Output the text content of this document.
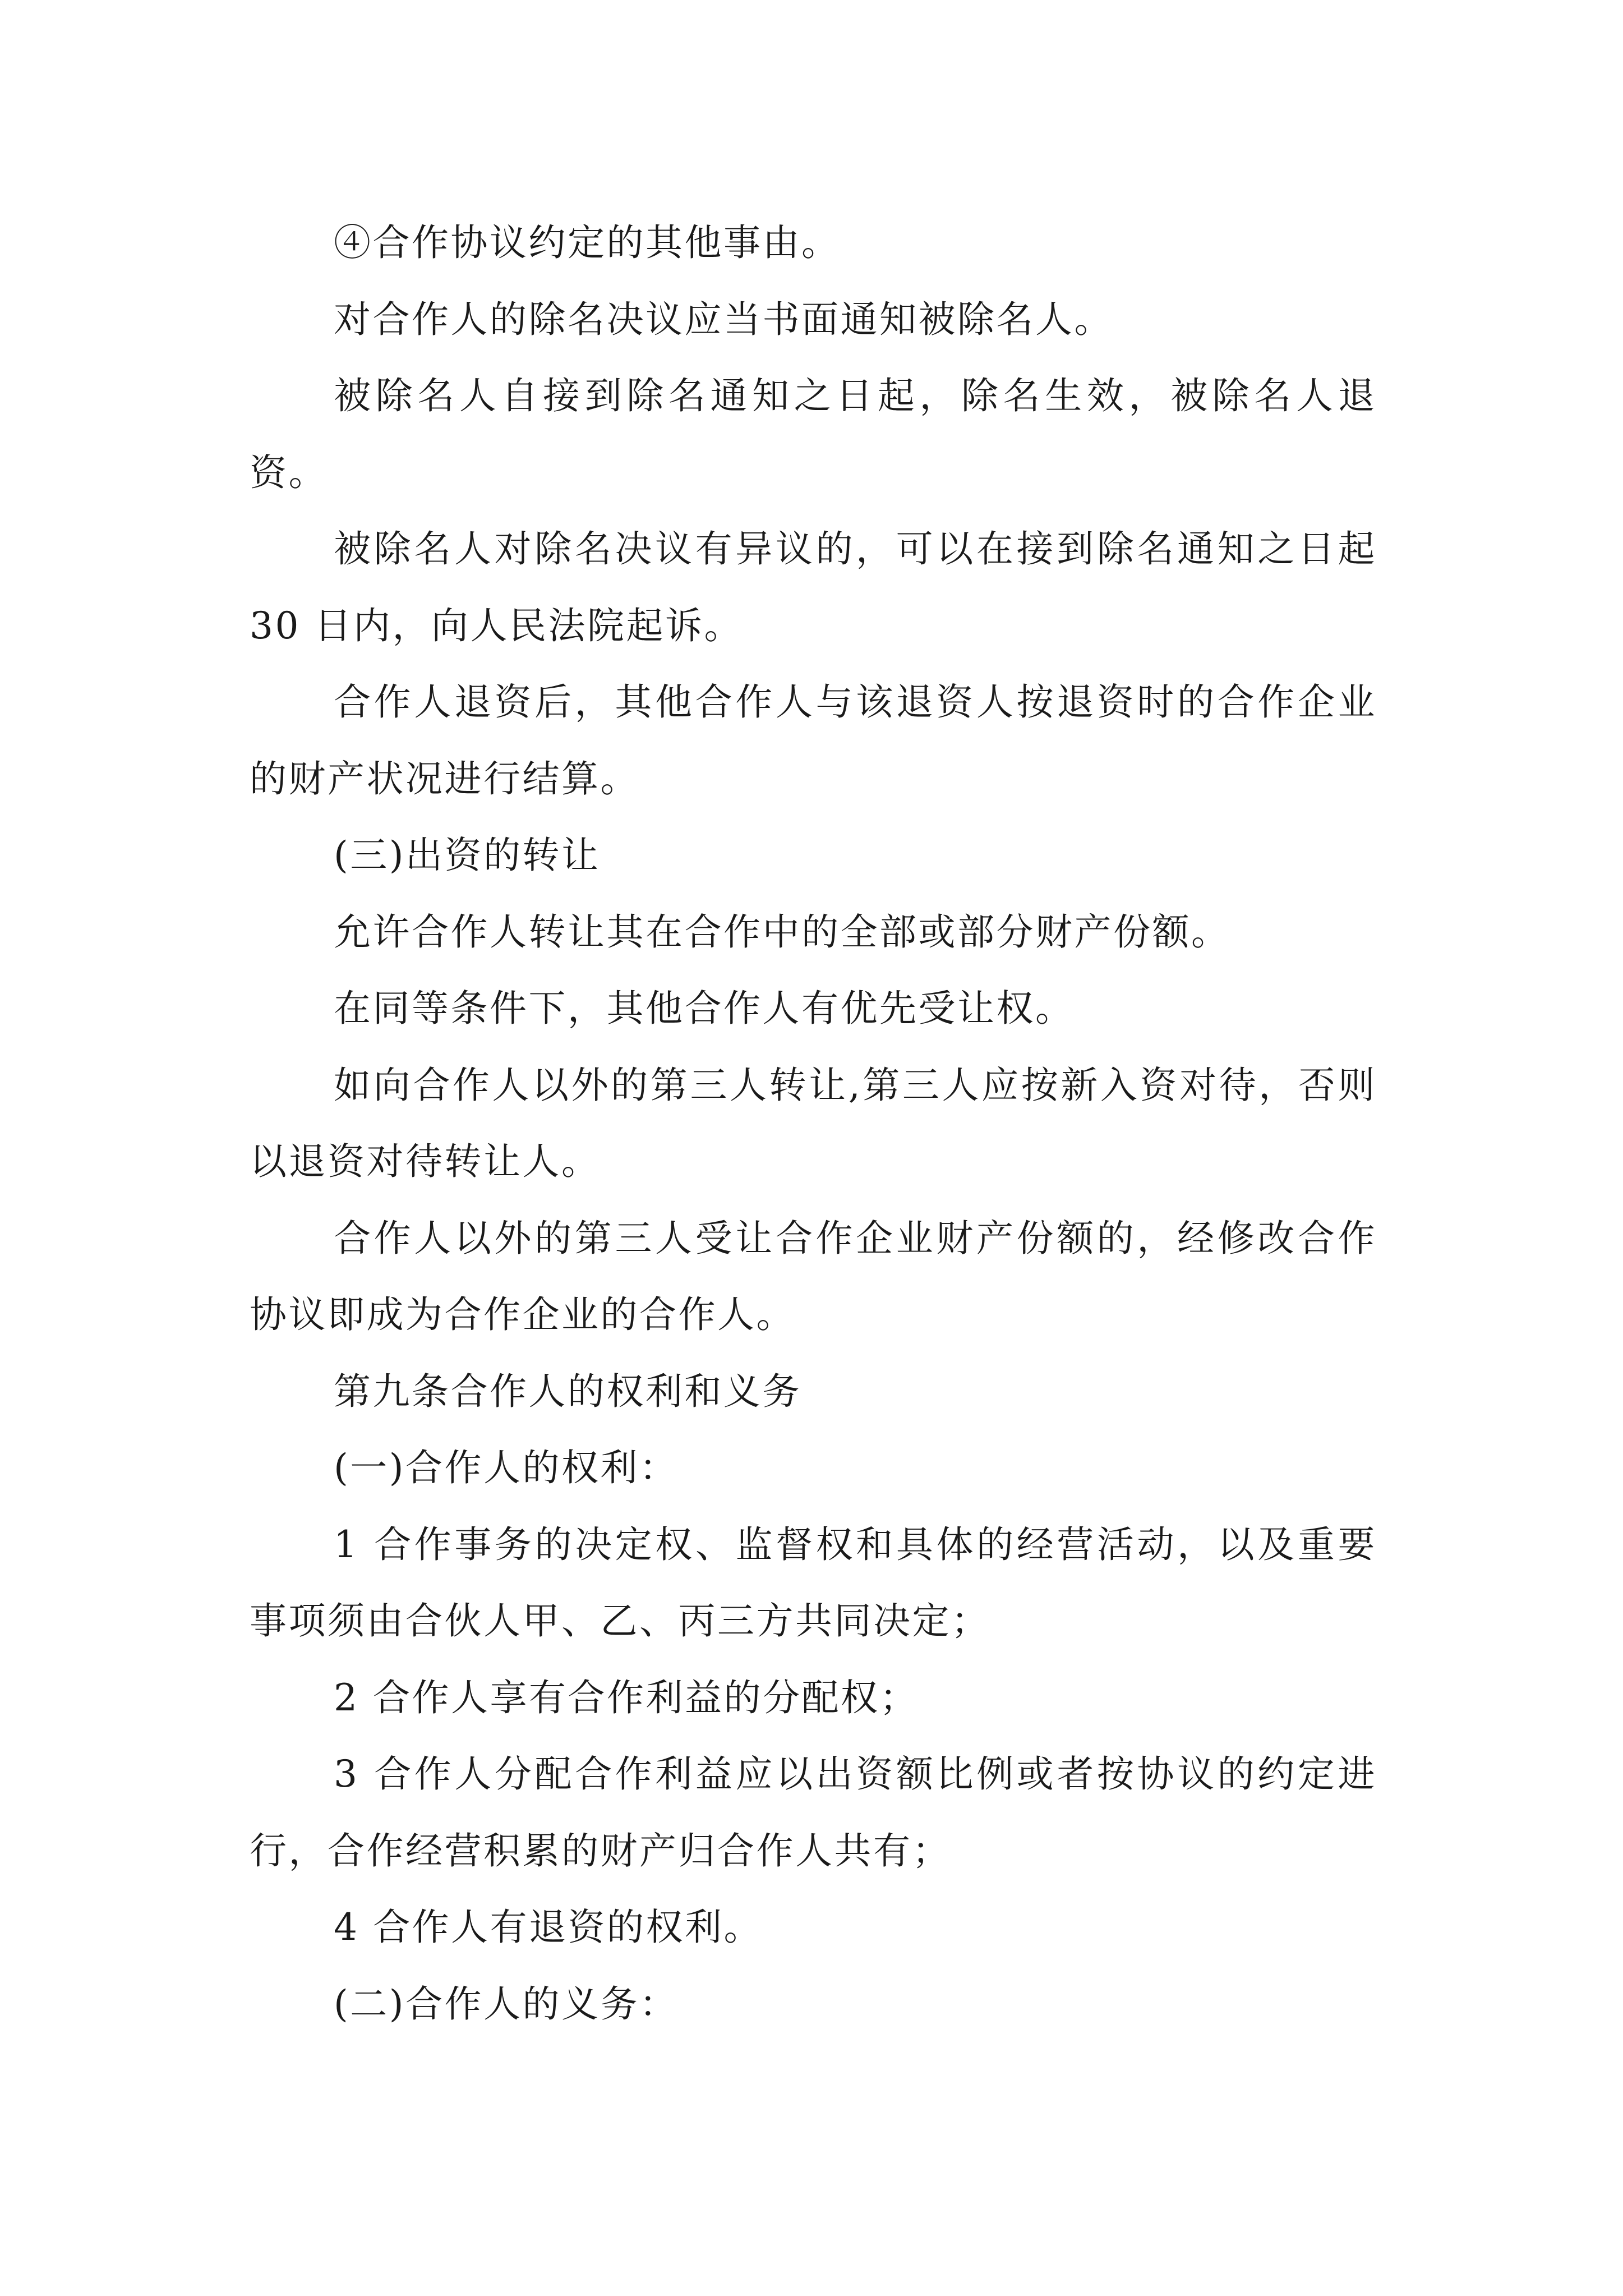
④合作协议约定的其他事由。

对合作人的除名决议应当书面通知被除名人。

被除名人自接到除名通知之日起，除名生效，被除名人退资。

被除名人对除名决议有异议的，可以在接到除名通知之日起 30 日内，向人民法院起诉。

合作人退资后，其他合作人与该退资人按退资时的合作企业的财产状况进行结算。

(三)出资的转让

允许合作人转让其在合作中的全部或部分财产份额。

在同等条件下，其他合作人有优先受让权。

如向合作人以外的第三人转让,第三人应按新入资对待，否则以退资对待转让人。

合作人以外的第三人受让合作企业财产份额的，经修改合作协议即成为合作企业的合作人。

第九条合作人的权利和义务

(一)合作人的权利：

1 合作事务的决定权、监督权和具体的经营活动，以及重要事项须由合伙人甲、乙、丙三方共同决定；

2 合作人享有合作利益的分配权；

3 合作人分配合作利益应以出资额比例或者按协议的约定进行，合作经营积累的财产归合作人共有；

4 合作人有退资的权利。

(二)合作人的义务：
